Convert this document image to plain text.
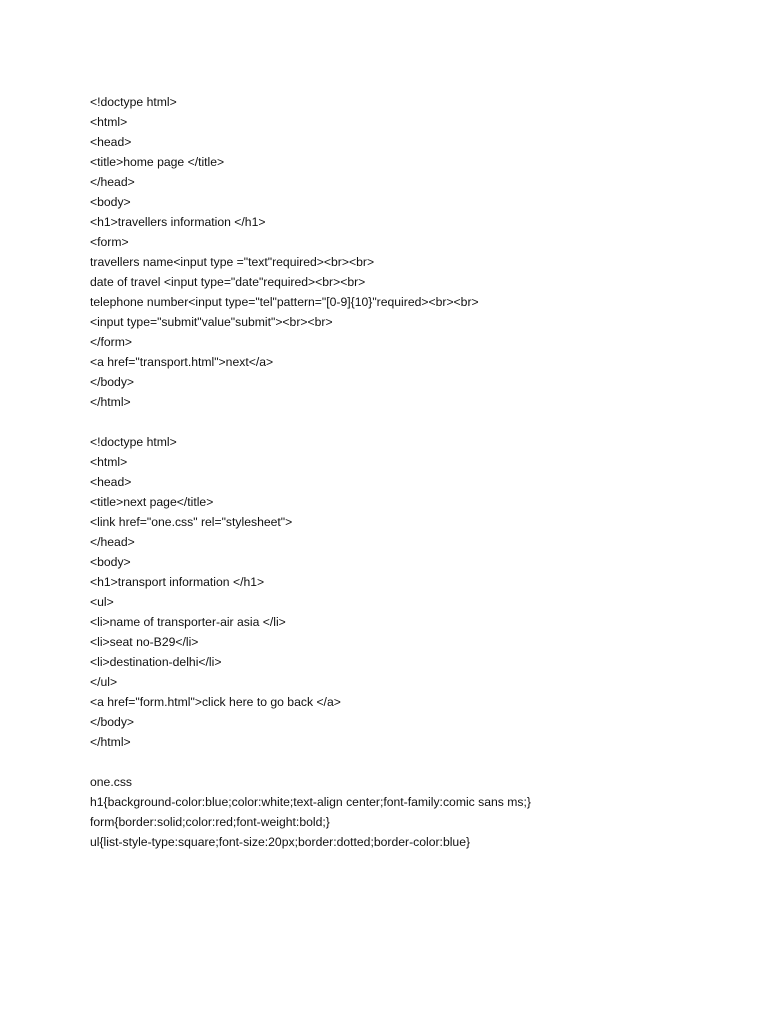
<!doctype html>
<html>
<head>
<title>home page </title>
</head>
<body>
<h1>travellers information </h1>
<form>
travellers name<input type ="text"required><br><br>
date of travel <input type="date"required><br><br>
telephone number<input type="tel"pattern="[0-9]{10}"required><br><br>
<input type="submit"value"submit"><br><br>
</form>
<a href="transport.html">next</a>
</body>
</html>
<!doctype html>
<html>
<head>
<title>next page</title>
<link href="one.css" rel="stylesheet">
</head>
<body>
<h1>transport information </h1>
<ul>
<li>name of transporter-air asia </li>
<li>seat no-B29</li>
<li>destination-delhi</li>
</ul>
<a href="form.html">click here to go back </a>
</body>
</html>
one.css
h1{background-color:blue;color:white;text-align center;font-family:comic sans ms;}
form{border:solid;color:red;font-weight:bold;}
ul{list-style-type:square;font-size:20px;border:dotted;border-color:blue}
